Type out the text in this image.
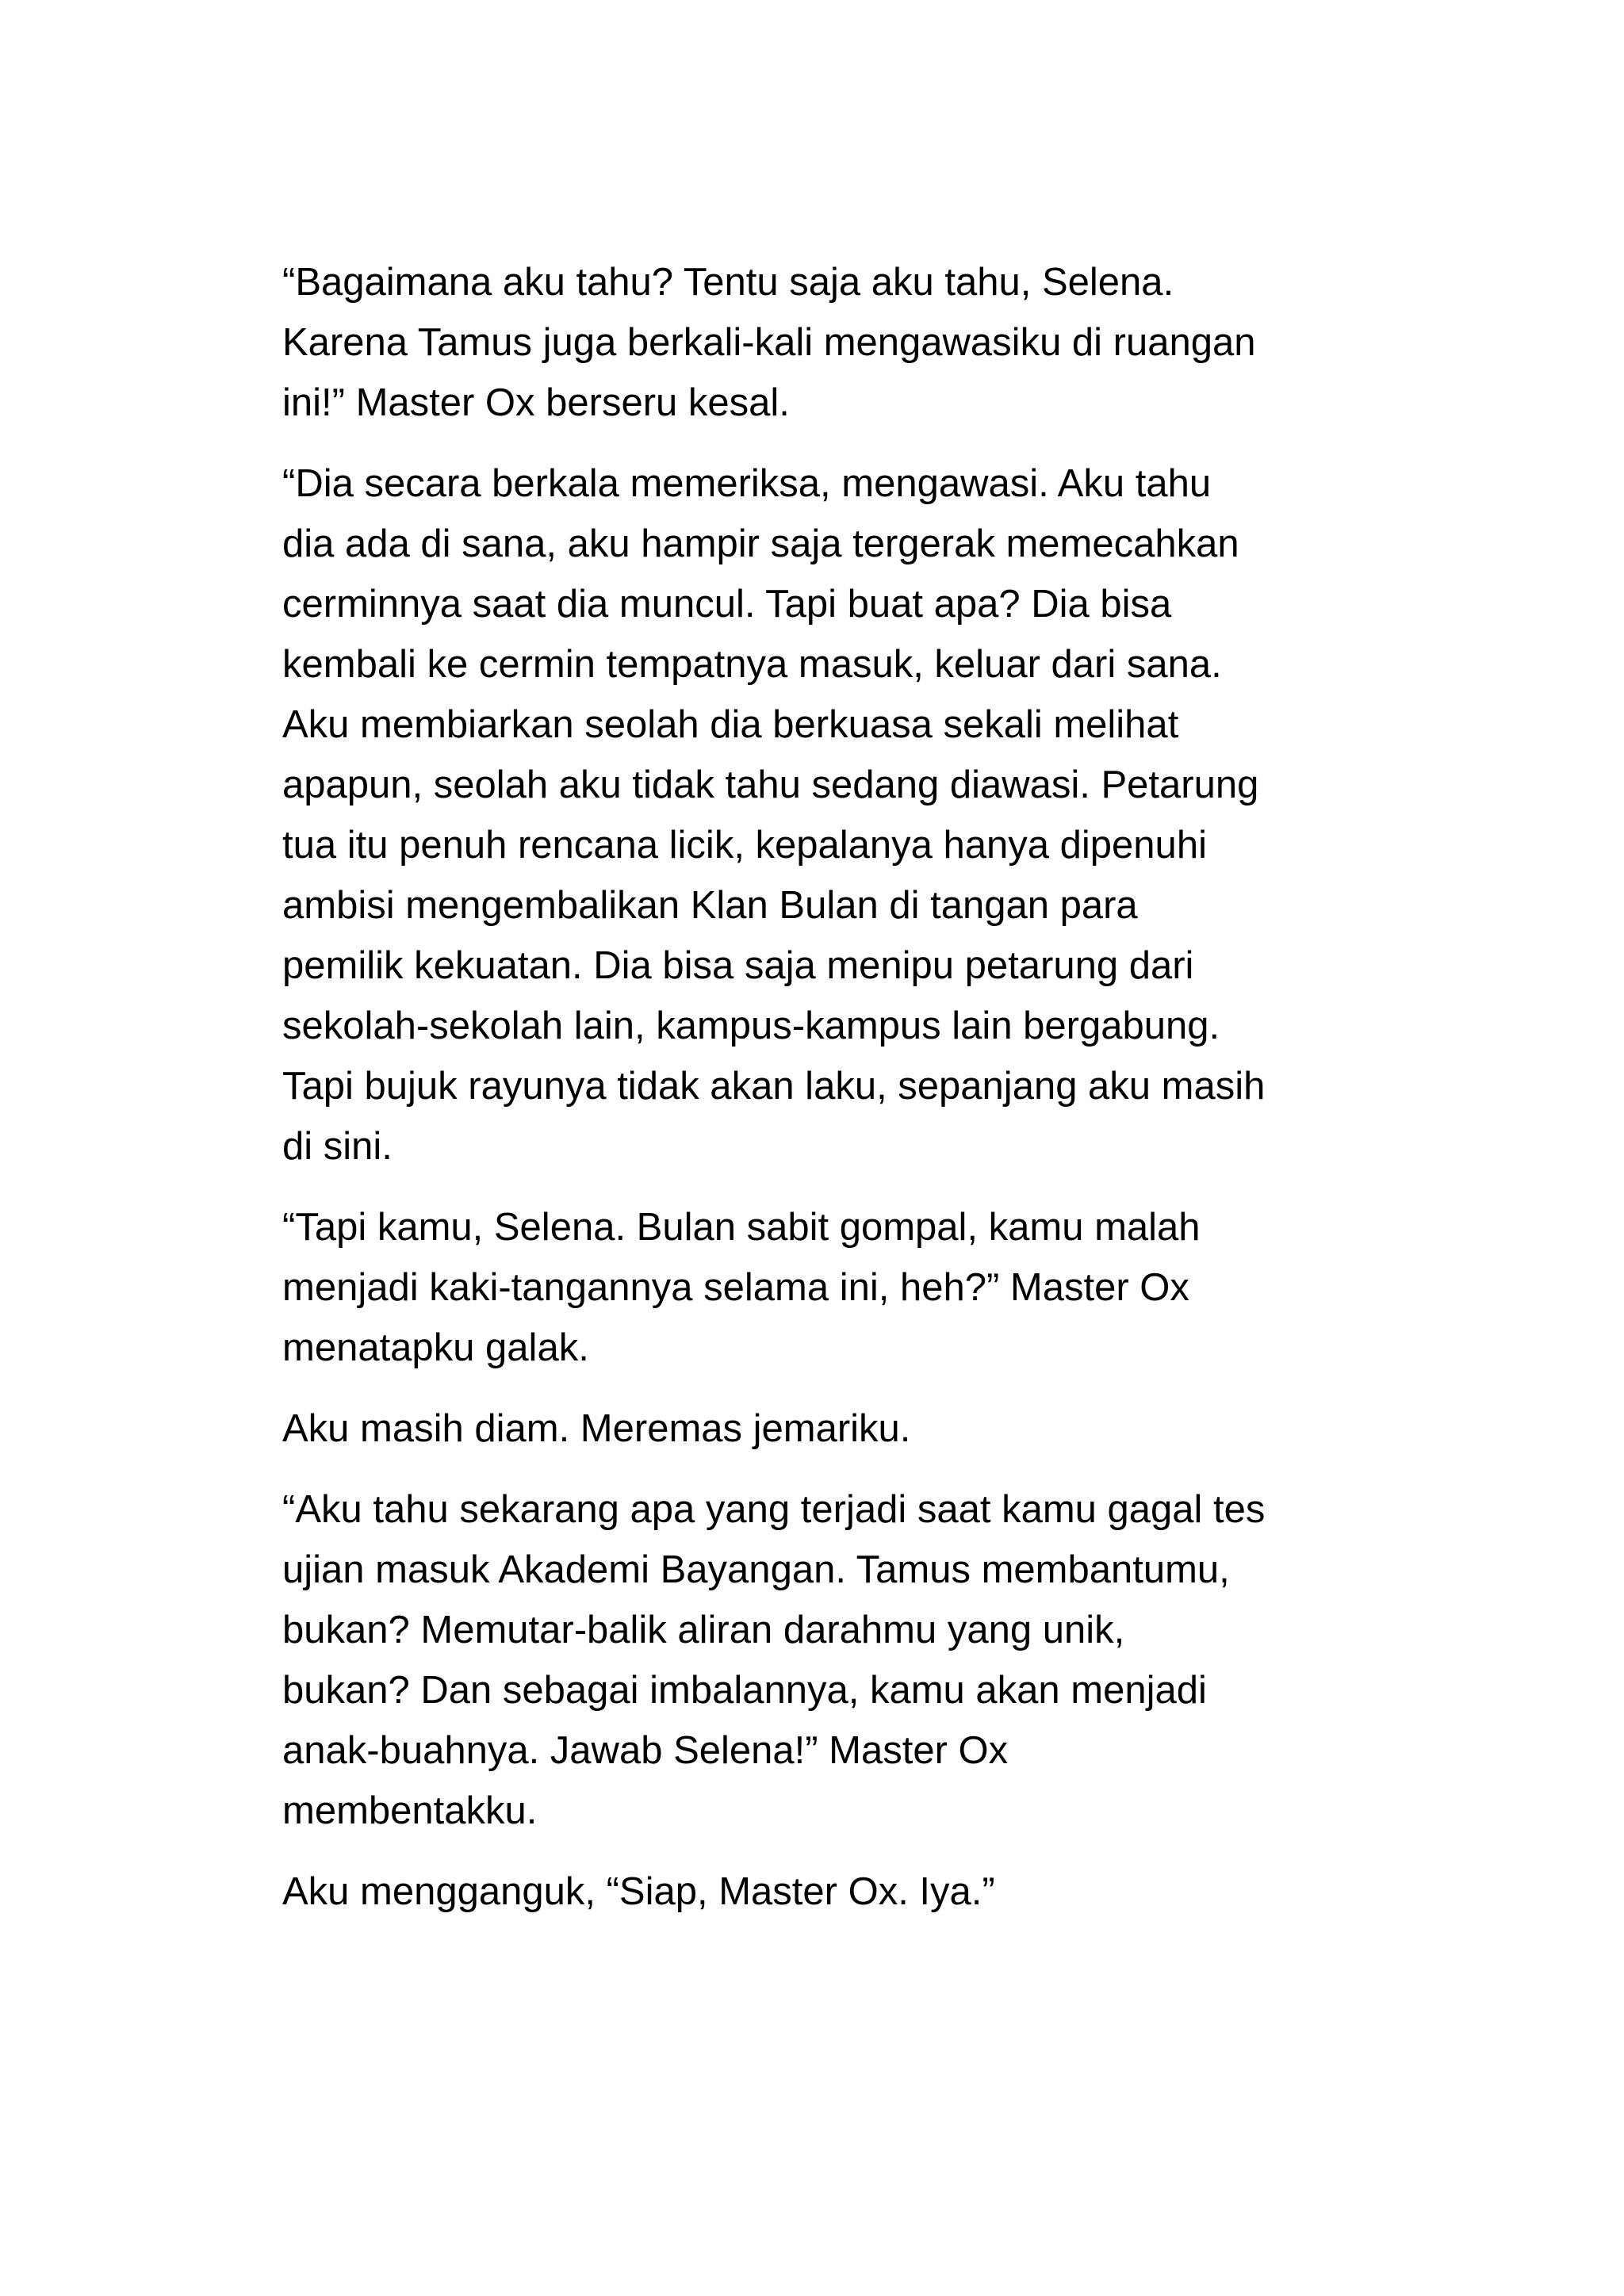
“Bagaimana aku tahu? Tentu saja aku tahu, Selena.
Karena Tamus juga berkali-kali mengawasiku di ruangan
ini!” Master Ox berseru kesal.

“Dia secara berkala memeriksa, mengawasi. Aku tahu
dia ada di sana, aku hampir saja tergerak memecahkan
cerminnya saat dia muncul. Tapi buat apa? Dia bisa
kembali ke cermin tempatnya masuk, keluar dari sana.
Aku membiarkan seolah dia berkuasa sekali melihat
apapun, seolah aku tidak tahu sedang diawasi. Petarung
tua itu penuh rencana licik, kepalanya hanya dipenuhi
ambisi mengembalikan Klan Bulan di tangan para
pemilik kekuatan. Dia bisa saja menipu petarung dari
sekolah-sekolah lain, kampus-kampus lain bergabung.
Tapi bujuk rayunya tidak akan laku, sepanjang aku masih
di sini.

“Tapi kamu, Selena. Bulan sabit gompal, kamu malah
menjadi kaki-tangannya selama ini, heh?” Master Ox
menatapku galak.

Aku masih diam. Meremas jemariku.

“Aku tahu sekarang apa yang terjadi saat kamu gagal tes
ujian masuk Akademi Bayangan. Tamus membantumu,
bukan? Memutar-balik aliran darahmu yang unik,
bukan? Dan sebagai imbalannya, kamu akan menjadi
anak-buahnya. Jawab Selena!” Master Ox
membentakku.

Aku mengganguk, “Siap, Master Ox. Iya.”
